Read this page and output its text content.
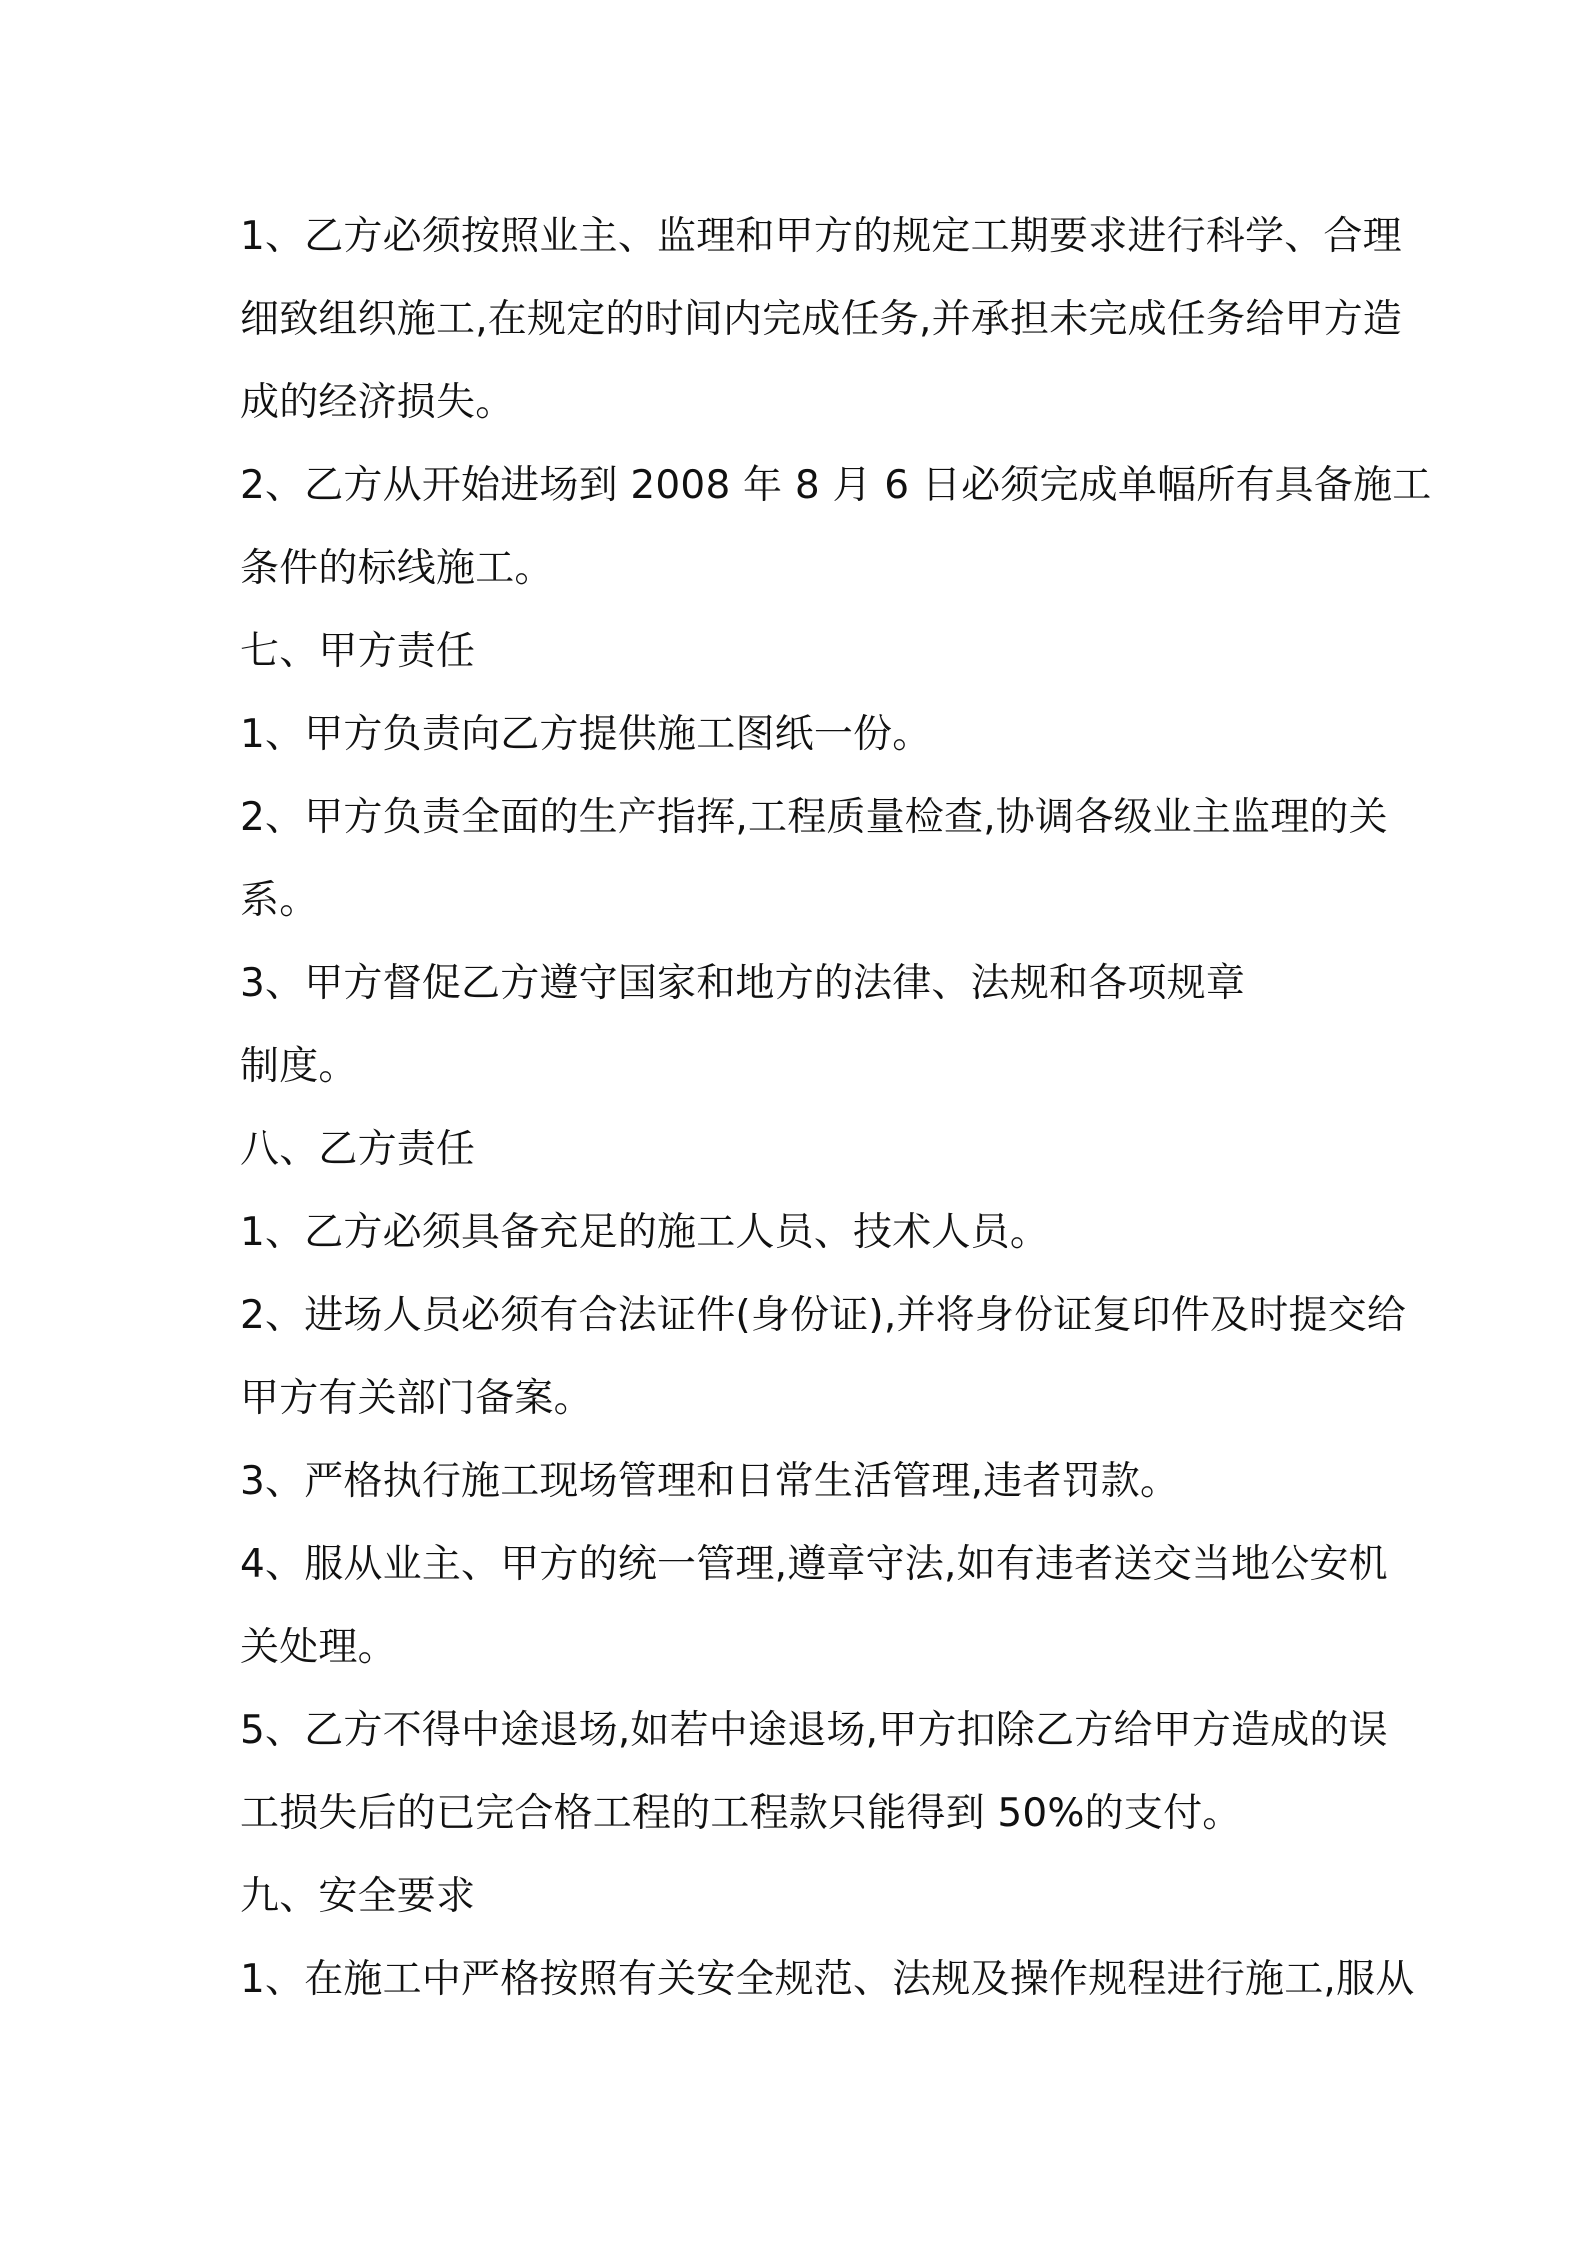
1、乙方必须按照业主、监理和甲方的规定工期要求进行科学、合理
细致组织施工,在规定的时间内完成任务,并承担未完成任务给甲方造
成的经济损失。
2、乙方从开始进场到 2008 年 8 月 6 日必须完成单幅所有具备施工
条件的标线施工。
七、甲方责任
1、甲方负责向乙方提供施工图纸一份。
2、甲方负责全面的生产指挥,工程质量检查,协调各级业主监理的关
系。
3、甲方督促乙方遵守国家和地方的法律、法规和各项规章
制度。
八、乙方责任
1、乙方必须具备充足的施工人员、技术人员。
2、进场人员必须有合法证件(身份证),并将身份证复印件及时提交给
甲方有关部门备案。
3、严格执行施工现场管理和日常生活管理,违者罚款。
4、服从业主、甲方的统一管理,遵章守法,如有违者送交当地公安机
关处理。
5、乙方不得中途退场,如若中途退场,甲方扣除乙方给甲方造成的误
工损失后的已完合格工程的工程款只能得到 50%的支付。
九、安全要求
1、在施工中严格按照有关安全规范、法规及操作规程进行施工,服从
